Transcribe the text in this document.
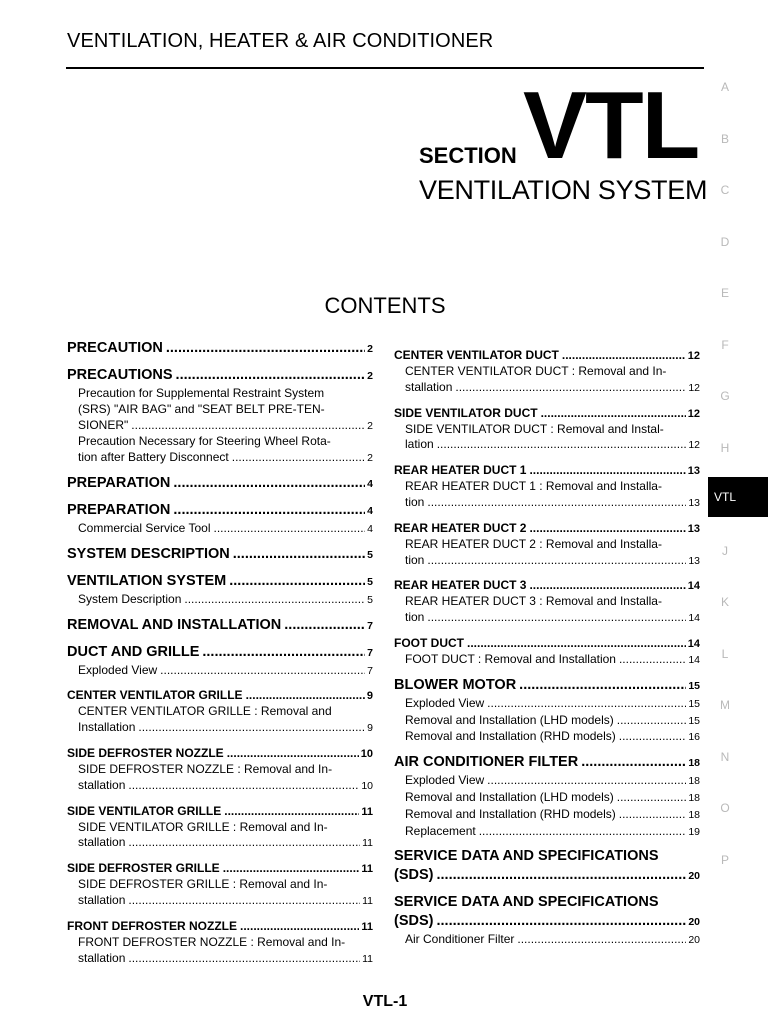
VENTILATION, HEATER & AIR CONDITIONER
SECTION VTL
VENTILATION SYSTEM
CONTENTS
PRECAUTION .....	2
PRECAUTIONS .....	2
Precaution for Supplemental Restraint System
(SRS) "AIR BAG" and "SEAT BELT PRE-TEN-
SIONER" .....	2
Precaution Necessary for Steering Wheel Rota-
tion after Battery Disconnect .....	2
PREPARATION .....	4
PREPARATION .....	4
Commercial Service Tool .....	4
SYSTEM DESCRIPTION .....	5
VENTILATION SYSTEM .....	5
System Description .....	5
REMOVAL AND INSTALLATION .....	7
DUCT AND GRILLE .....	7
Exploded View .....	7
CENTER VENTILATOR GRILLE .....	9
CENTER VENTILATOR GRILLE : Removal and
Installation .....	9
SIDE DEFROSTER NOZZLE .....	10
SIDE DEFROSTER NOZZLE : Removal and In-
stallation .....	10
SIDE VENTILATOR GRILLE .....	11
SIDE VENTILATOR GRILLE : Removal and In-
stallation .....	11
SIDE DEFROSTER GRILLE .....	11
SIDE DEFROSTER GRILLE : Removal and In-
stallation .....	11
FRONT DEFROSTER NOZZLE .....	11
FRONT DEFROSTER NOZZLE : Removal and In-
stallation .....	11
CENTER VENTILATOR DUCT .....	12
CENTER VENTILATOR DUCT : Removal and In-
stallation .....	12
SIDE VENTILATOR DUCT .....	12
SIDE VENTILATOR DUCT : Removal and Instal-
lation .....	12
REAR HEATER DUCT 1 .....	13
REAR HEATER DUCT 1 : Removal and Installa-
tion .....	13
REAR HEATER DUCT 2 .....	13
REAR HEATER DUCT 2 : Removal and Installa-
tion .....	13
REAR HEATER DUCT 3 .....	14
REAR HEATER DUCT 3 : Removal and Installa-
tion .....	14
FOOT DUCT .....	14
FOOT DUCT : Removal and Installation .....	14
BLOWER MOTOR .....	15
Exploded View .....	15
Removal and Installation (LHD models) .....	15
Removal and Installation (RHD models) .....	16
AIR CONDITIONER FILTER .....	18
Exploded View .....	18
Removal and Installation (LHD models) .....	18
Removal and Installation (RHD models) .....	18
Replacement .....	19
SERVICE DATA AND SPECIFICATIONS
(SDS) .....	20
SERVICE DATA AND SPECIFICATIONS
(SDS) .....	20
Air Conditioner Filter .....	20
A
B
C
D
E
F
G
H
VTL
J
K
L
M
N
O
P
VTL-1
